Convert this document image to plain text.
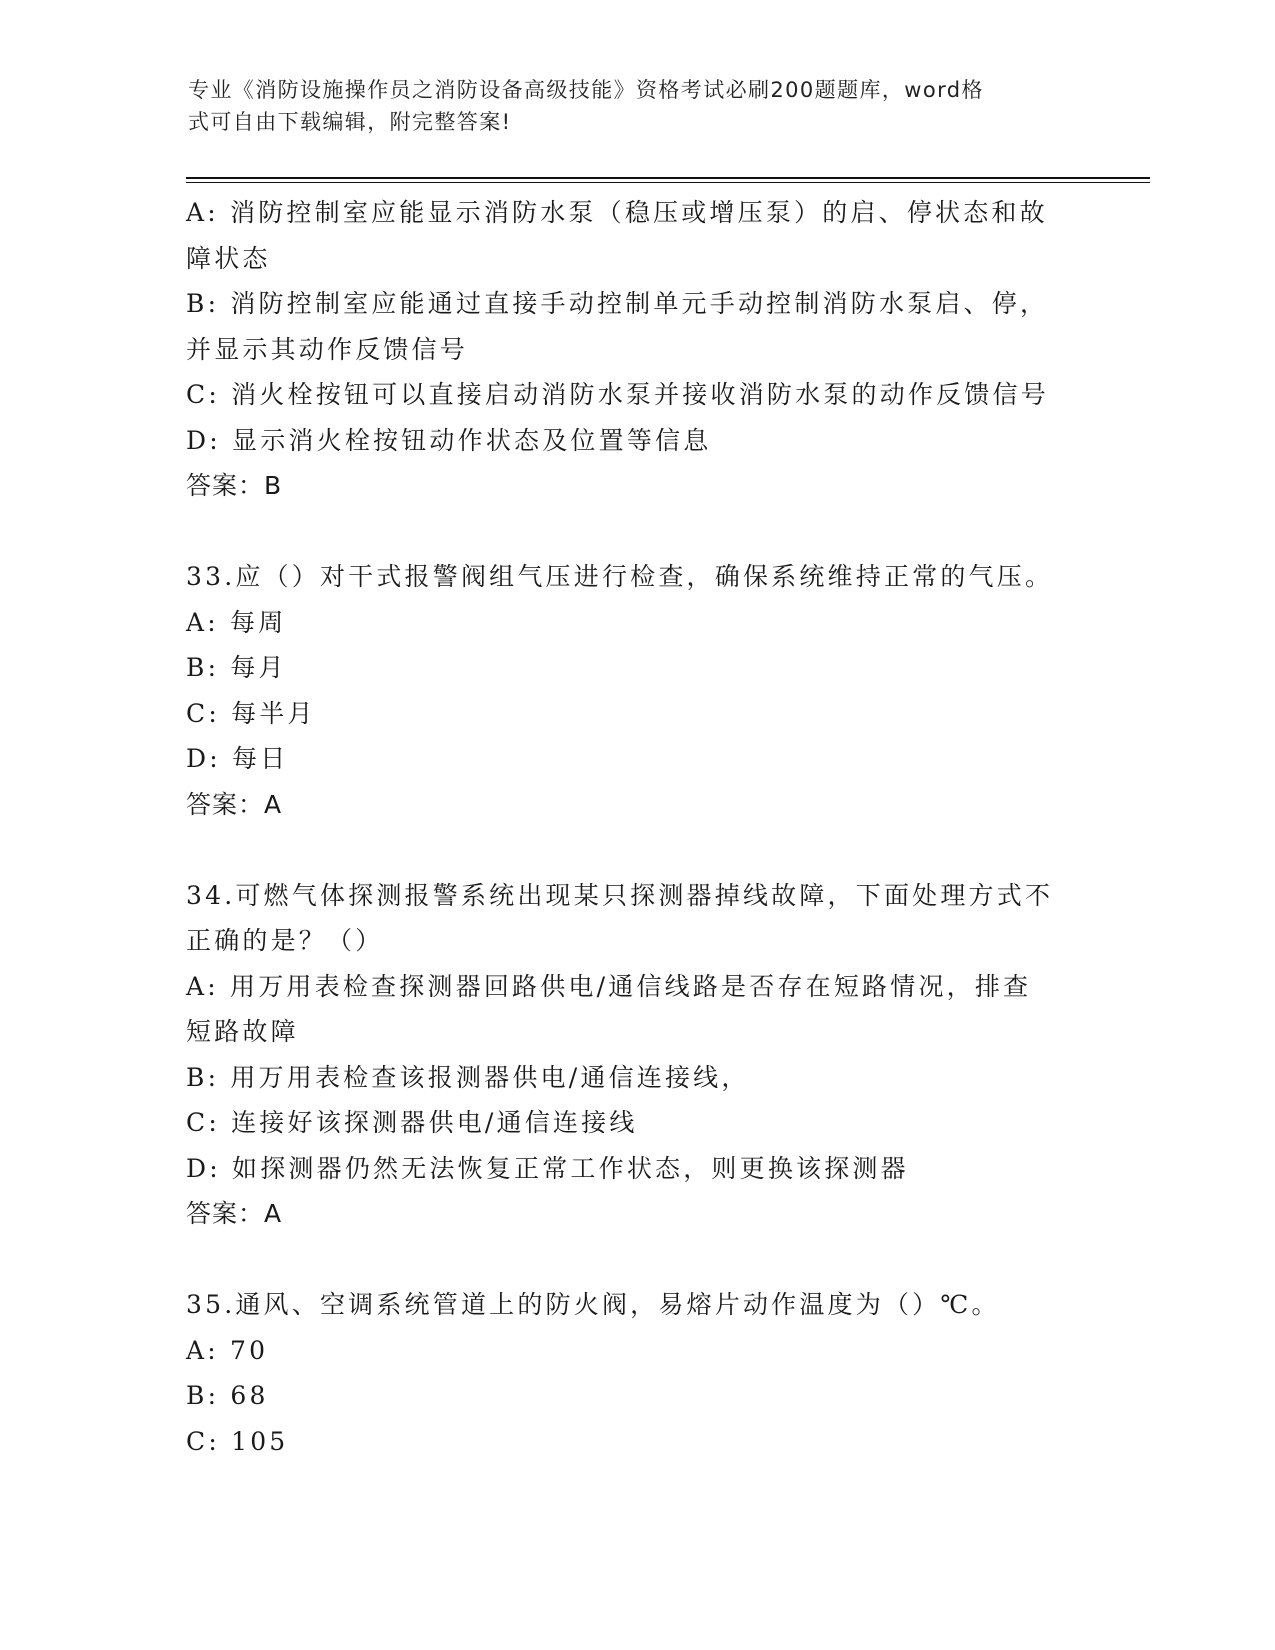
专业《消防设施操作员之消防设备高级技能》资格考试必刷200题题库，word格
式可自由下载编辑，附完整答案!
A: 消防控制室应能显示消防水泵（稳压或增压泵）的启、停状态和故
障状态
B: 消防控制室应能通过直接手动控制单元手动控制消防水泵启、停，
并显示其动作反馈信号
C: 消火栓按钮可以直接启动消防水泵并接收消防水泵的动作反馈信号
D: 显示消火栓按钮动作状态及位置等信息
答案：B
33.应（）对干式报警阀组气压进行检查，确保系统维持正常的气压。
A: 每周
B: 每月
C: 每半月
D: 每日
答案：A
34.可燃气体探测报警系统出现某只探测器掉线故障，下面处理方式不
正确的是？（）
A: 用万用表检查探测器回路供电/通信线路是否存在短路情况，排查
短路故障
B: 用万用表检查该报测器供电/通信连接线，
C: 连接好该探测器供电/通信连接线
D: 如探测器仍然无法恢复正常工作状态，则更换该探测器
答案：A
35.通风、空调系统管道上的防火阀，易熔片动作温度为（）℃。
A: 70
B: 68
C: 105
